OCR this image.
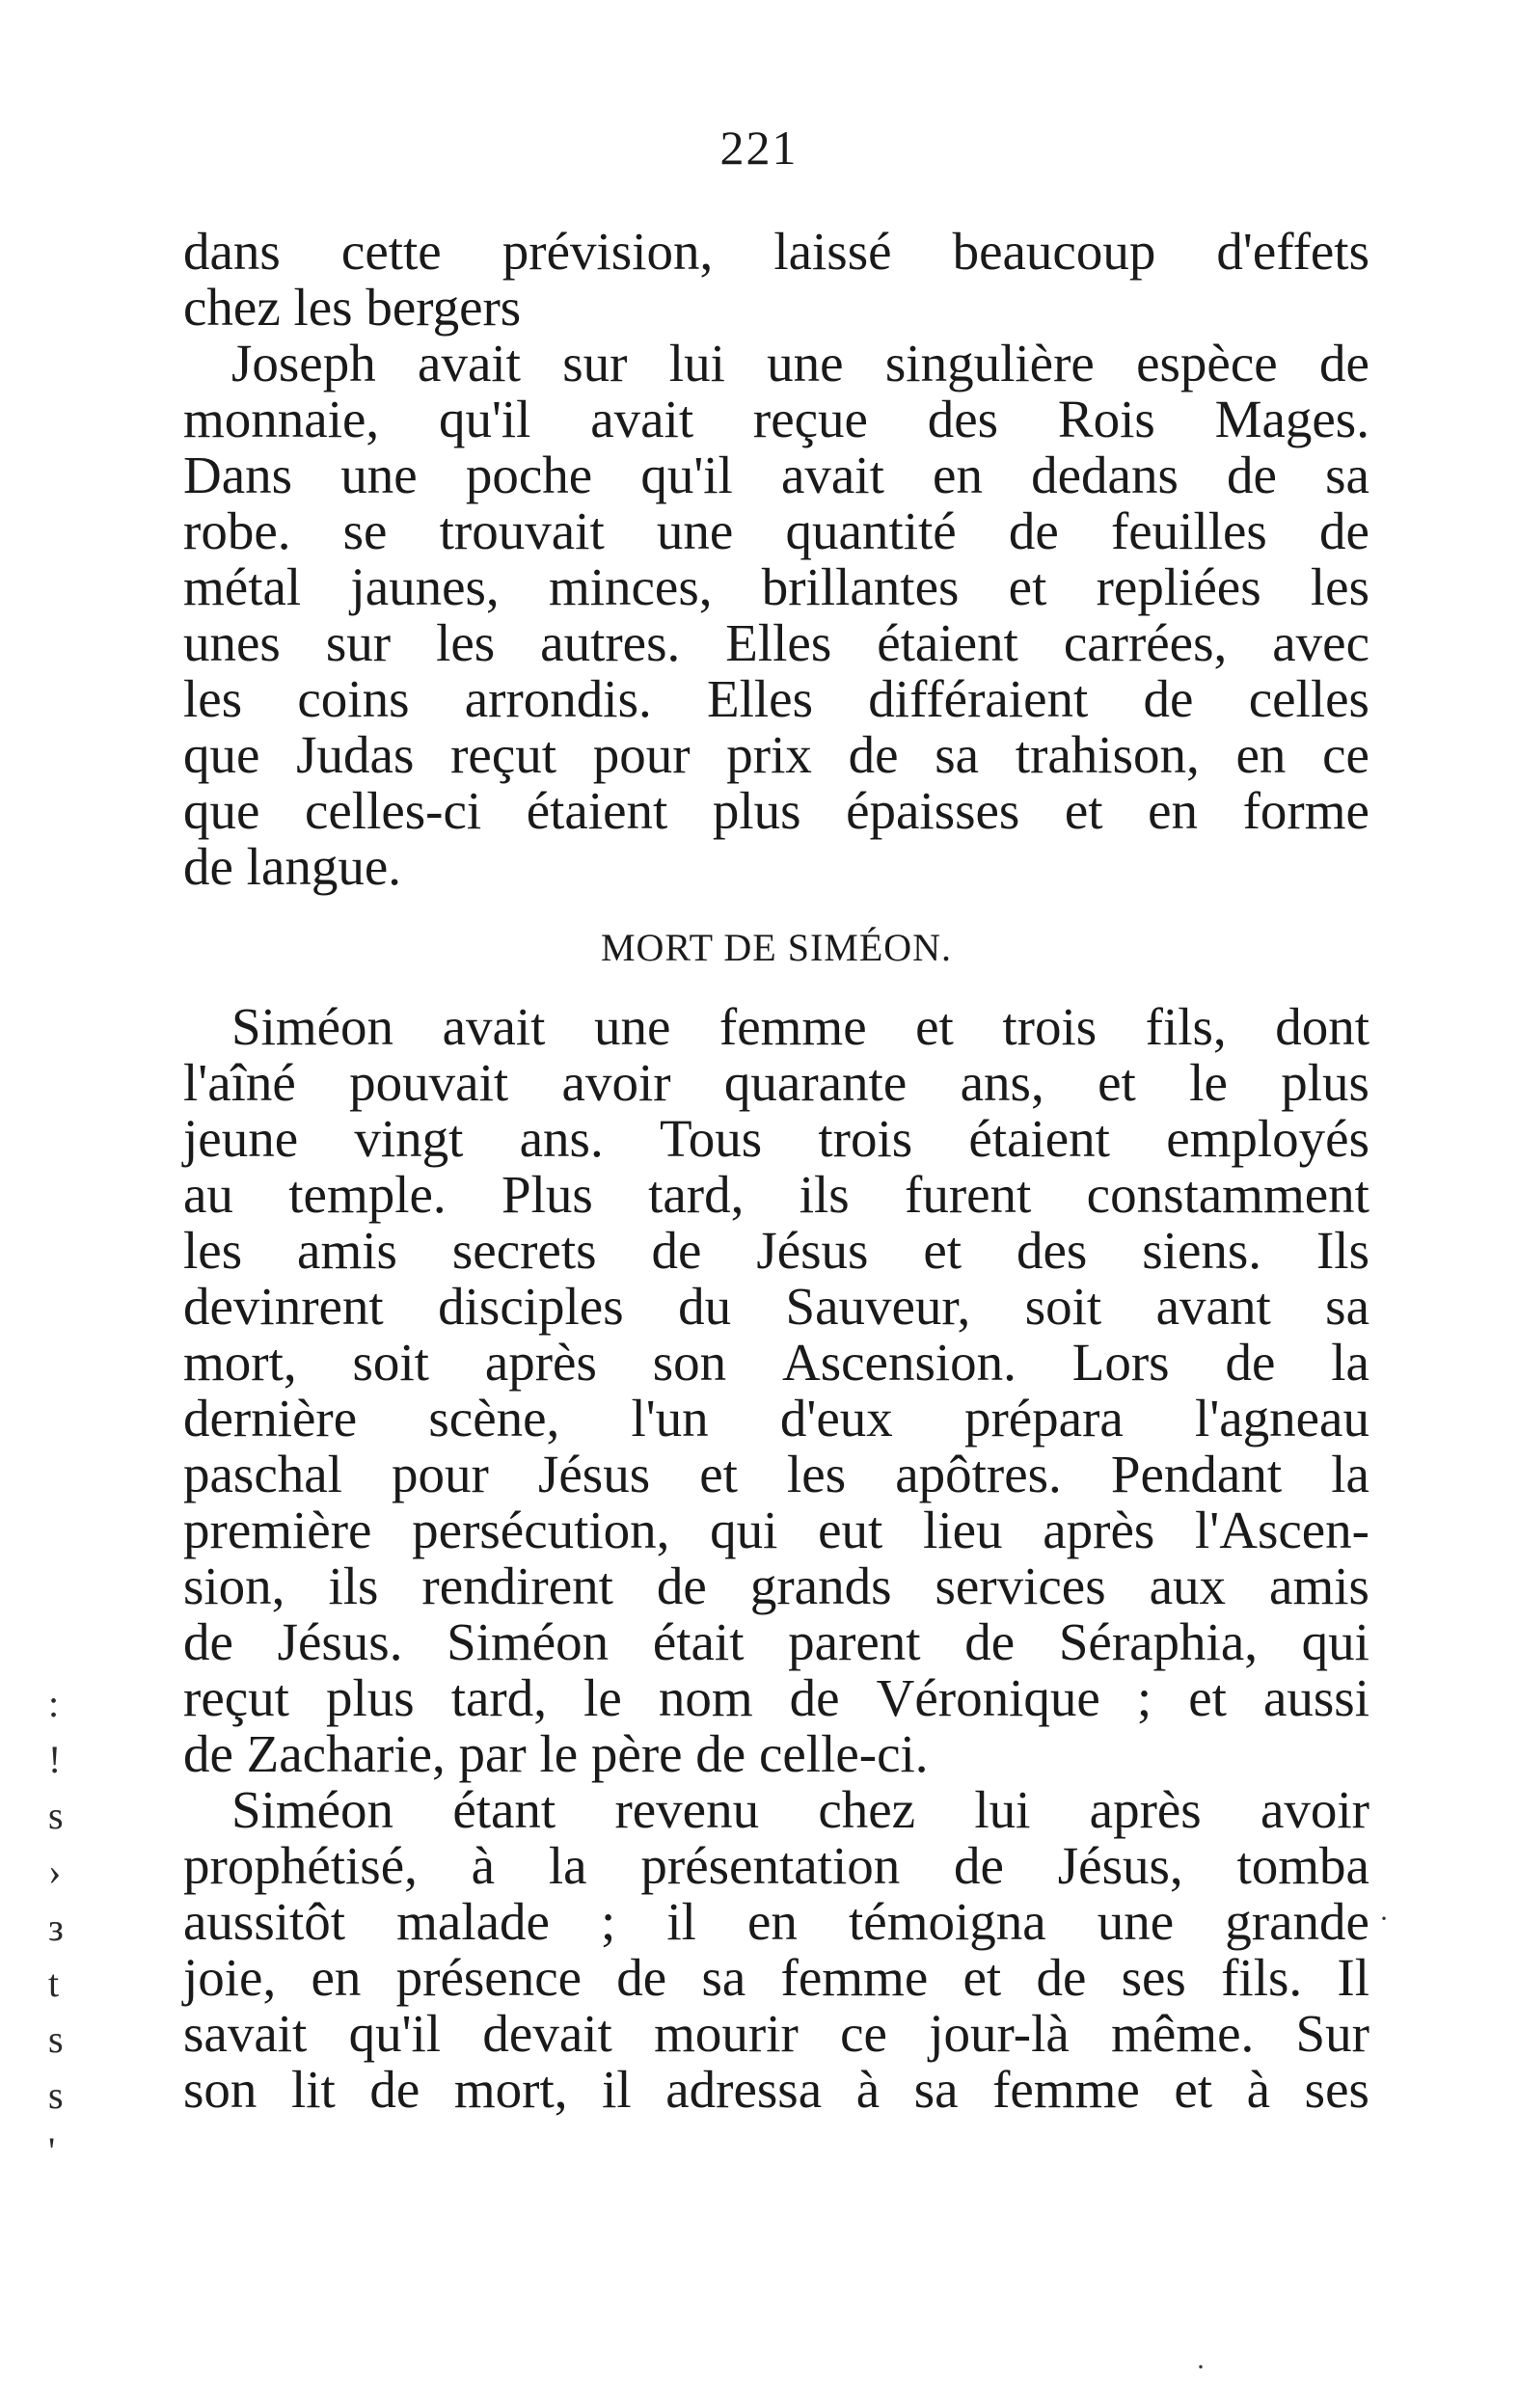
221
dans cette prévision, laissé beaucoup d'effets
chez les bergers
Joseph avait sur lui une singulière espèce de
monnaie, qu'il avait reçue des Rois Mages.
Dans une poche qu'il avait en dedans de sa
robe. se trouvait une quantité de feuilles de
métal jaunes, minces, brillantes et repliées les
unes sur les autres. Elles étaient carrées, avec
les coins arrondis. Elles différaient de celles
que Judas reçut pour prix de sa trahison, en ce
que celles-ci étaient plus épaisses et en forme
de langue.
MORT DE SIMÉON.
Siméon avait une femme et trois fils, dont
l'aîné pouvait avoir quarante ans, et le plus
jeune vingt ans. Tous trois étaient employés
au temple. Plus tard, ils furent constamment
les amis secrets de Jésus et des siens. Ils
devinrent disciples du Sauveur, soit avant sa
mort, soit après son Ascension. Lors de la
dernière scène, l'un d'eux prépara l'agneau
paschal pour Jésus et les apôtres. Pendant la
première persécution, qui eut lieu après l'Ascen-
sion, ils rendirent de grands services aux amis
de Jésus. Siméon était parent de Séraphia, qui
reçut plus tard, le nom de Véronique ; et aussi
de Zacharie, par le père de celle-ci.
Siméon étant revenu chez lui après avoir
prophétisé, à la présentation de Jésus, tomba
aussitôt malade ; il en témoigna une grande
joie, en présence de sa femme et de ses fils. Il
savait qu'il devait mourir ce jour-là même. Sur
son lit de mort, il adressa à sa femme et à ses
:
!
s
›
з
t
s
s
'
·
·
